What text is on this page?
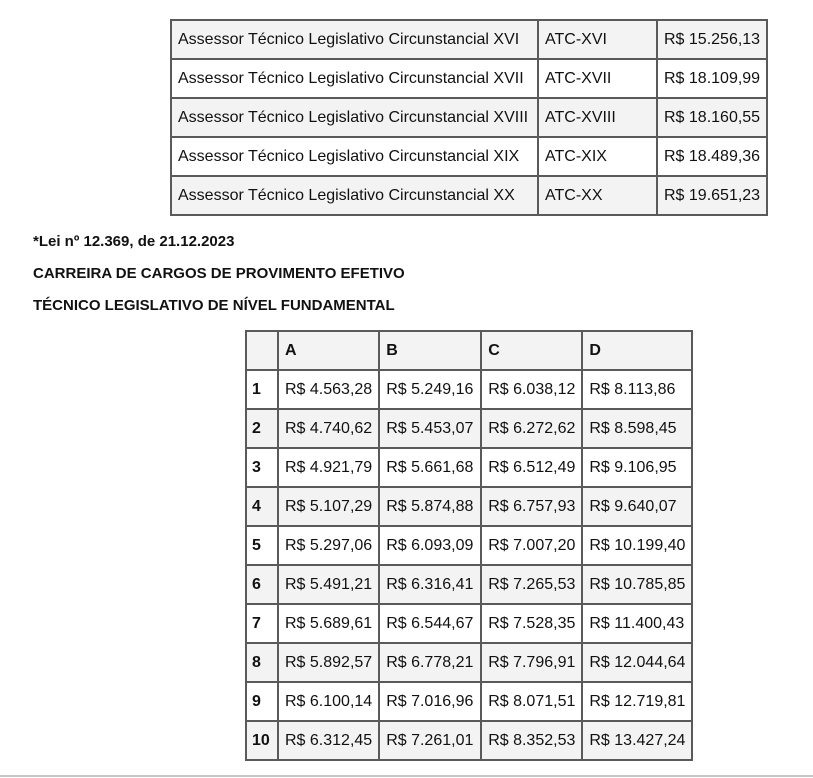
Assessor Técnico Legislativo Circunstancial XVI	ATC-XVI	R$ 15.256,13
Assessor Técnico Legislativo Circunstancial XVII	ATC-XVII	R$ 18.109,99
Assessor Técnico Legislativo Circunstancial XVIII	ATC-XVIII	R$ 18.160,55
Assessor Técnico Legislativo Circunstancial XIX	ATC-XIX	R$ 18.489,36
Assessor Técnico Legislativo Circunstancial XX	ATC-XX	R$ 19.651,23
*Lei nº 12.369, de 21.12.2023
CARREIRA DE CARGOS DE PROVIMENTO EFETIVO
TÉCNICO LEGISLATIVO DE NÍVEL FUNDAMENTAL
	A	B	C	D
1	R$ 4.563,28	R$ 5.249,16	R$ 6.038,12	R$ 8.113,86
2	R$ 4.740,62	R$ 5.453,07	R$ 6.272,62	R$ 8.598,45
3	R$ 4.921,79	R$ 5.661,68	R$ 6.512,49	R$ 9.106,95
4	R$ 5.107,29	R$ 5.874,88	R$ 6.757,93	R$ 9.640,07
5	R$ 5.297,06	R$ 6.093,09	R$ 7.007,20	R$ 10.199,40
6	R$ 5.491,21	R$ 6.316,41	R$ 7.265,53	R$ 10.785,85
7	R$ 5.689,61	R$ 6.544,67	R$ 7.528,35	R$ 11.400,43
8	R$ 5.892,57	R$ 6.778,21	R$ 7.796,91	R$ 12.044,64
9	R$ 6.100,14	R$ 7.016,96	R$ 8.071,51	R$ 12.719,81
10	R$ 6.312,45	R$ 7.261,01	R$ 8.352,53	R$ 13.427,24
